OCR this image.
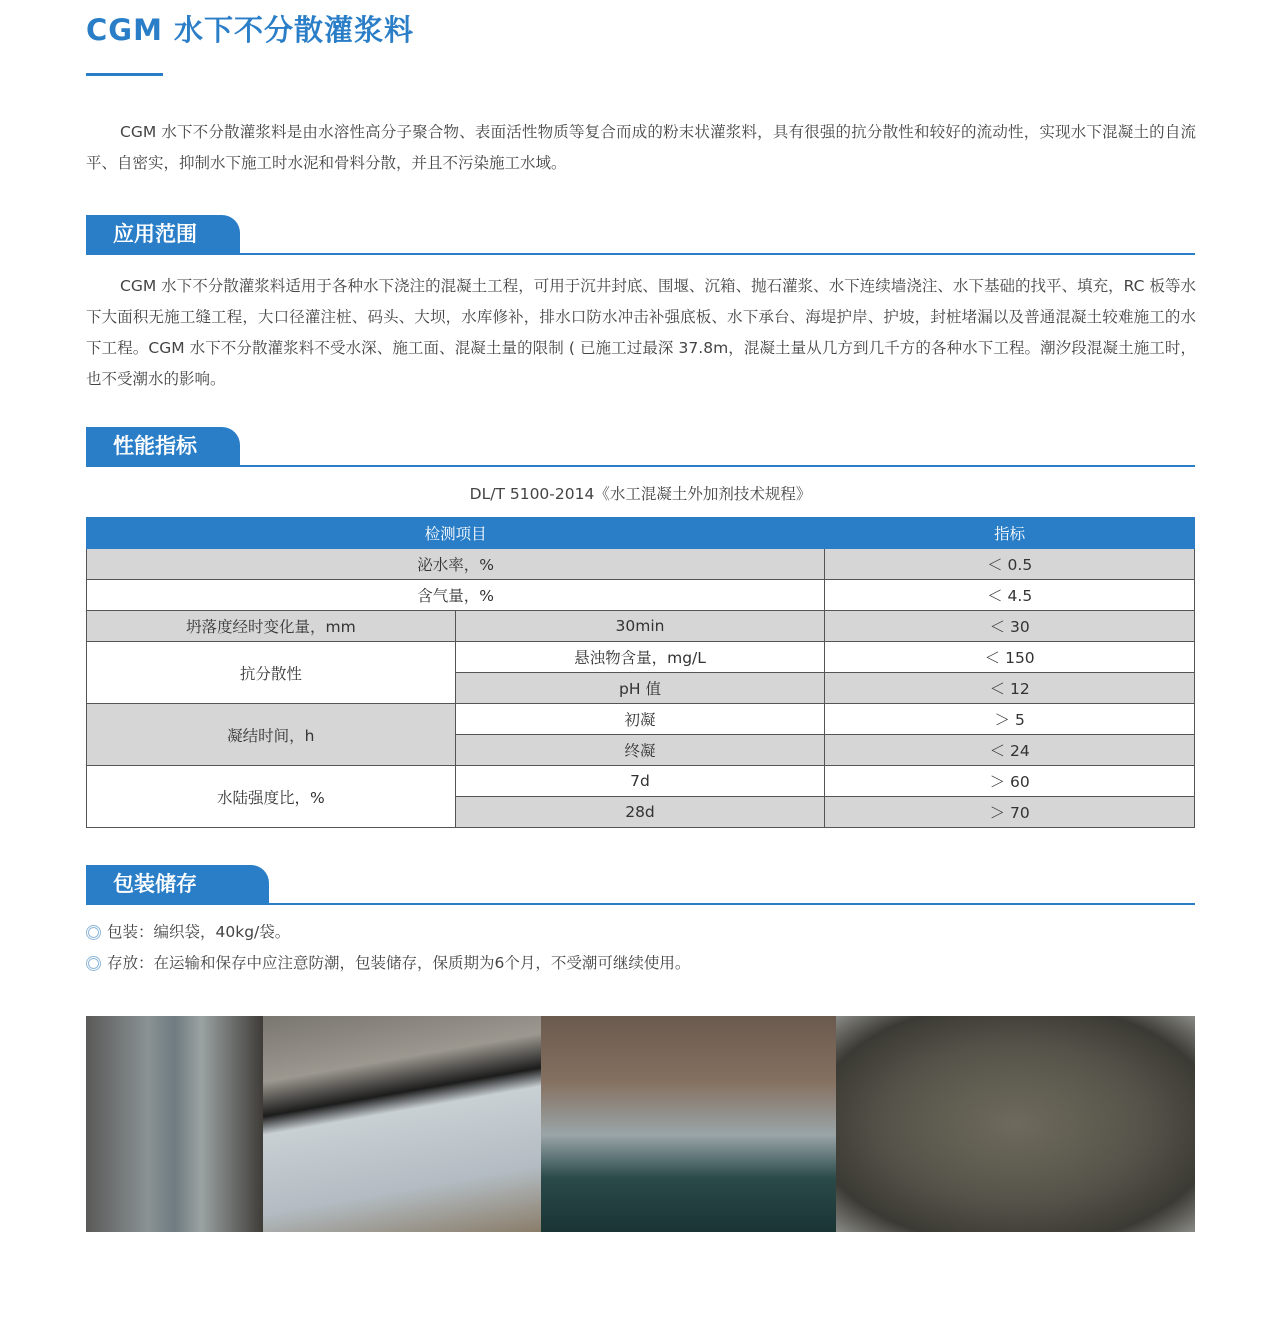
CGM 水下不分散灌浆料

CGM 水下不分散灌浆料是由水溶性高分子聚合物、表面活性物质等复合而成的粉末状灌浆料，具有很强的抗分散性和较好的流动性，实现水下混凝土的自流平、自密实，抑制水下施工时水泥和骨料分散，并且不污染施工水域。

应用范围

CGM 水下不分散灌浆料适用于各种水下浇注的混凝土工程，可用于沉井封底、围堰、沉箱、抛石灌浆、水下连续墙浇注、水下基础的找平、填充，RC 板等水下大面积无施工缝工程，大口径灌注桩、码头、大坝，水库修补，排水口防水冲击补强底板、水下承台、海堤护岸、护坡，封桩堵漏以及普通混凝土较难施工的水下工程。CGM 水下不分散灌浆料不受水深、施工面、混凝土量的限制 ( 已施工过最深 37.8m，混凝土量从几方到几千方的各种水下工程。潮汐段混凝土施工时，也不受潮水的影响。

性能指标
DL/T 5100-2014《水工混凝土外加剂技术规程》
检测项目		指标
泌水率，%		＜ 0.5
含气量，%		＜ 4.5
坍落度经时变化量，mm	30min	＜ 30
抗分散性	悬浊物含量，mg/L	＜ 150
	pH 值	＜ 12
凝结时间，h	初凝	＞ 5
	终凝	＜ 24
水陆强度比，%	7d	＞ 60
	28d	＞ 70
包装储存
包装：编织袋，40kg/袋。
存放：在运输和保存中应注意防潮，包装储存，保质期为6个月，不受潮可继续使用。
